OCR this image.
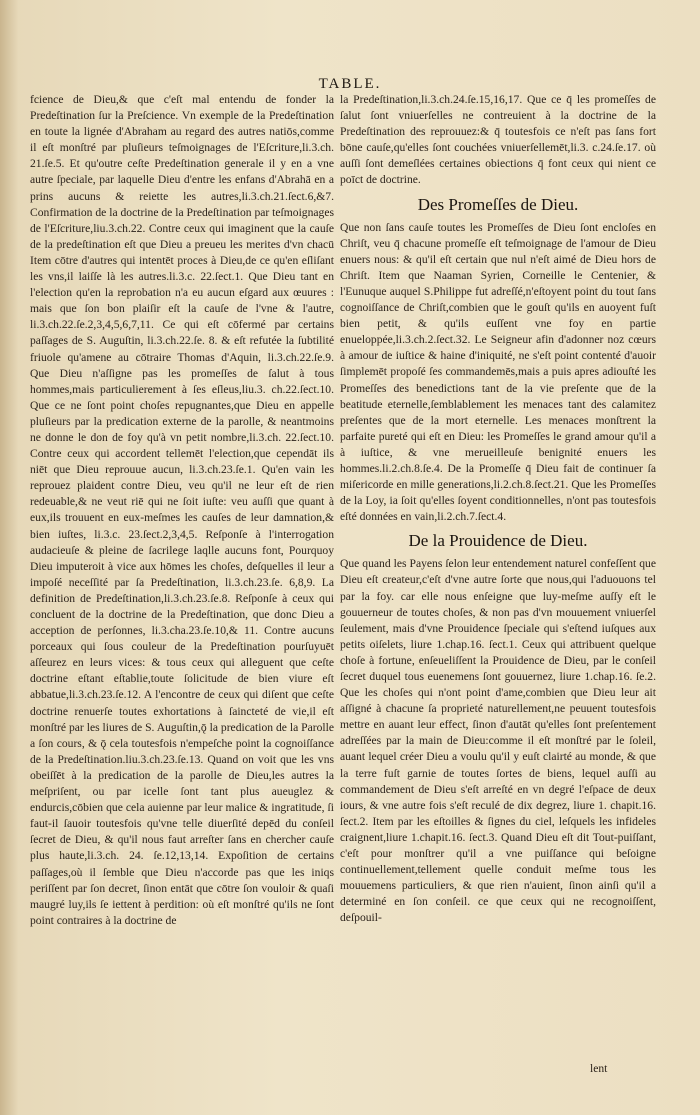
TABLE.

fcience de Dieu,& que c'eſt mal entendu de fonder la Predeſtination ſur la Preſcience. Vn exemple de la Predeſtination en toute la lignée d'Abraham au regard des autres natiōs,comme il eſt monſtré par pluſieurs teſmoignages de l'Eſcriture,li.3.ch. 21.ſe.5. Et qu'outre ceſte Predeſtination generale il y en a vne autre ſpeciale, par laquelle Dieu d'entre les enfans d'Abrahā en a prins aucuns & reiette les autres,li.3.ch.21.ſect.6,&7. Confirmation de la doctrine de la Predeſtination par teſmoignages de l'Eſcriture,liu.3.ch.22. Contre ceux qui imaginent que la cauſe de la predeſtination eſt que Dieu a preueu les merites d'vn chacū Item cōtre d'autres qui intentēt proces à Dieu,de ce qu'en eſliſant les vns,il laiſſe là les autres.li.3.c. 22.ſect.1. Que Dieu tant en l'election qu'en la reprobation n'a eu aucun eſgard aux œuures : mais que ſon bon plaiſir eſt la cauſe de l'vne & l'autre, li.3.ch.22.ſe.2,3,4,5,6,7,11. Ce qui eſt cōfermé par certains paſſages de S. Auguſtin, li.3.ch.22.ſe. 8. & eſt refutée la ſubtilité friuole qu'amene au cōtraire Thomas d'Aquin, li.3.ch.22.ſe.9. Que Dieu n'aſſigne pas les promeſſes de ſalut à tous hommes,mais particulierement à ſes eſleus,liu.3. ch.22.ſect.10. Que ce ne ſont point choſes repugnantes,que Dieu en appelle pluſieurs par la predication externe de la parolle, & neantmoins ne donne le don de foy qu'à vn petit nombre,li.3.ch. 22.ſect.10. Contre ceux qui accordent tellemēt l'election,que cependāt ils niēt que Dieu reprouue aucun, li.3.ch.23.ſe.1. Qu'en vain les reprouez plaident contre Dieu, veu qu'il ne leur eſt de rien redeuable,& ne veut riē qui ne ſoit iuſte: veu auſſi que quant à eux,ils trouuent en eux-meſmes les cauſes de leur damnation,& bien iuſtes, li.3.c. 23.ſect.2,3,4,5. Reſponſe à l'interrogation audacieuſe & pleine de ſacrilege laqlle aucuns font, Pourquoy Dieu imputeroit à vice aux hōmes les choſes, deſquelles il leur a impoſé neceſſité par ſa Predeſtination, li.3.ch.23.ſe. 6,8,9. La definition de Predeſtination,li.3.ch.23.ſe.8. Reſponſe à ceux qui concluent de la doctrine de la Predeſtination, que donc Dieu a acception de perſonnes, li.3.cha.23.ſe.10,& 11. Contre aucuns porceaux qui ſous couleur de la Predeſtination pourſuyuēt aſſeurez en leurs vices: & tous ceux qui alleguent que ceſte doctrine eſtant eſtablie,toute ſolicitude de bien viure eſt abbatue,li.3.ch.23.ſe.12. A l'encontre de ceux qui diſent que ceſte doctrine renuerſe toutes exhortations à ſaincteté de vie,il eſt monſtré par les liures de S. Auguſtin,ǭ la predication de la Parolle a ſon cours, & ǭ cela toutesfois n'empeſche point la cognoiſſance de la Predeſtination.liu.3.ch.23.ſe.13. Quand on voit que les vns obeiſſēt à la predication de la parolle de Dieu,les autres la meſpriſent, ou par icelle ſont tant plus aueuglez & endurcis,cōbien que cela auienne par leur malice & ingratitude, ſi faut-il ſauoir toutesfois qu'vne telle diuerſité depēd du conſeil ſecret de Dieu, & qu'il nous faut arreſter ſans en chercher cauſe plus haute,li.3.ch. 24. ſe.12,13,14. Expoſition de certains paſſages,où il ſemble que Dieu n'accorde pas que les iniqs periſſent par ſon decret, ſinon entāt que cōtre ſon vouloir & quaſi maugré luy,ils ſe iettent à perdition: où eſt monſtré qu'ils ne ſont point contraires à la doctrine de

la Predeſtination,li.3.ch.24.ſe.15,16,17. Que ce q̄ les promeſſes de ſalut ſont vniuerſelles ne contreuient à la doctrine de la Predeſtination des reprouuez:& q̄ toutesfois ce n'eſt pas ſans fort bōne cauſe,qu'elles ſont couchées vniuerſellemēt,li.3. c.24.ſe.17. où auſſi ſont demeſlées certaines obiections q̄ font ceux qui nient ce poīct de doctrine.

Des Promeſſes de Dieu.

Que non ſans cauſe toutes les Promeſſes de Dieu ſont encloſes en Chriſt, veu q̄ chacune promeſſe eſt teſmoignage de l'amour de Dieu enuers nous: & qu'il eſt certain que nul n'eſt aimé de Dieu hors de Chriſt. Item que Naaman Syrien, Corneille le Centenier, & l'Eunuque auquel S.Philippe fut adreſſé,n'eſtoyent point du tout ſans cognoiſſance de Chriſt,combien que le gouſt qu'ils en auoyent fuſt bien petit, & qu'ils euſſent vne foy en partie enueloppée,li.3.ch.2.ſect.32. Le Seigneur afin d'adonner noz cœurs à amour de iuſtice & haine d'iniquité, ne s'eſt point contenté d'auoir ſimplemēt propoſé ſes commandemēs,mais a puis apres adiouſté les Promeſſes des benedictions tant de la vie preſente que de la beatitude eternelle,ſemblablement les menaces tant des calamitez preſentes que de la mort eternelle. Les menaces monſtrent la parfaite pureté qui eſt en Dieu: les Promeſſes le grand amour qu'il a à iuſtice, & vne merueilleuſe benignité enuers les hommes.li.2.ch.8.ſe.4. De la Promeſſe q̄ Dieu fait de continuer ſa miſericorde en mille generations,li.2.ch.8.ſect.21. Que les Promeſſes de la Loy, ia ſoit qu'elles ſoyent conditionnelles, n'ont pas toutesfois eſté données en vain,li.2.ch.7.ſect.4.

De la Prouidence de Dieu.

Que quand les Payens ſelon leur entendement naturel confeſſent que Dieu eſt createur,c'eſt d'vne autre ſorte que nous,qui l'aduouons tel par la foy. car elle nous enſeigne que luy-meſme auſſy eſt le gouuerneur de toutes choſes, & non pas d'vn mouuement vniuerſel ſeulement, mais d'vne Prouidence ſpeciale qui s'eſtend iuſques aux petits oiſelets, liure 1.chap.16. ſect.1. Ceux qui attribuent quelque choſe à fortune, enſeueliſſent la Prouidence de Dieu, par le conſeil ſecret duquel tous euenemens ſont gouuernez, liure 1.chap.16. ſe.2. Que les choſes qui n'ont point d'ame,combien que Dieu leur ait aſſigné à chacune ſa proprieté naturellement,ne peuuent toutesfois mettre en auant leur effect, ſinon d'autāt qu'elles ſont preſentement adreſſées par la main de Dieu:comme il eſt monſtré par le ſoleil, auant lequel créer Dieu a voulu qu'il y euſt clairté au monde, & que la terre fuſt garnie de toutes ſortes de biens, lequel auſſi au commandement de Dieu s'eſt arreſté en vn degré l'eſpace de deux iours, & vne autre fois s'eſt reculé de dix degrez, liure 1. chapit.16. ſect.2. Item par les eſtoilles & ſignes du ciel, leſquels les infideles craignent,liure 1.chapit.16. ſect.3. Quand Dieu eſt dit Tout-puiſſant, c'eſt pour monſtrer qu'il a vne puiſſance qui beſoigne continuellement,tellement quelle conduit meſme tous les mouuemens particuliers, & que rien n'auient, ſinon ainſi qu'il a determiné en ſon conſeil. ce que ceux qui ne recognoiſſent, deſpouil-

lent
